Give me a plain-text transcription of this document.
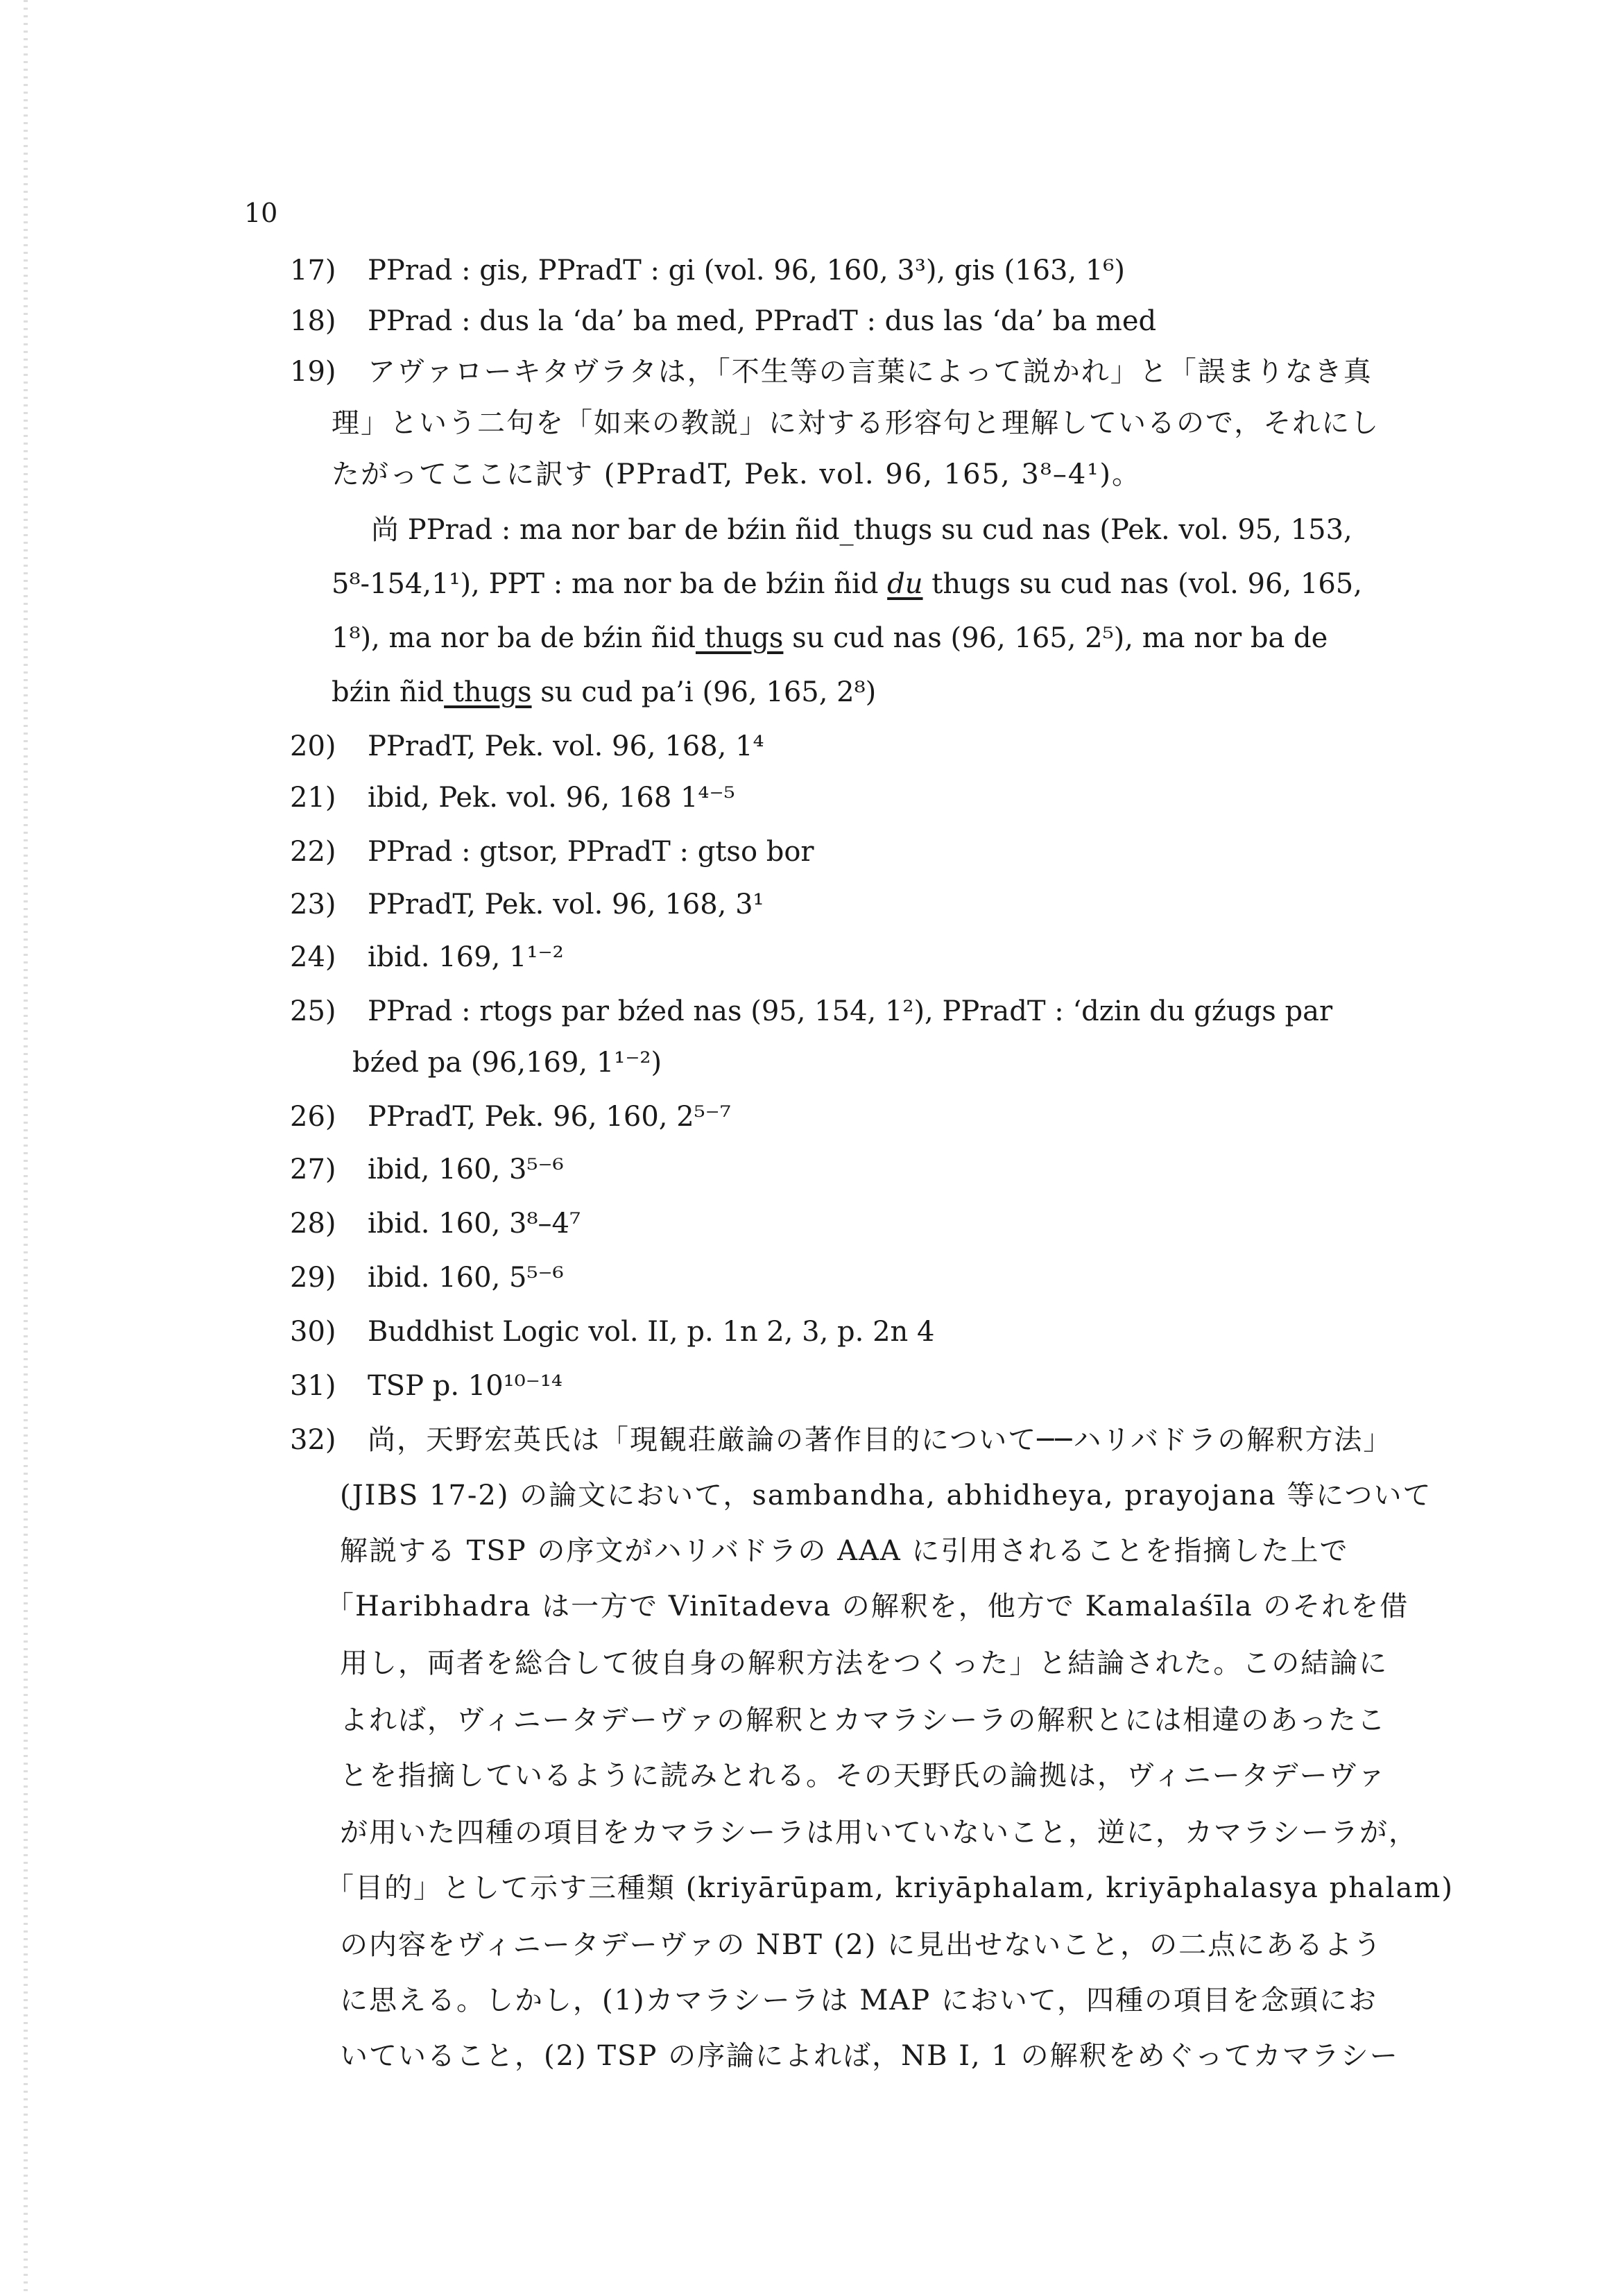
10
17) PPrad : gis, PPradT : gi (vol. 96, 160, 3³), gis (163, 1⁶)
18) PPrad : dus la ‘da’ ba med, PPradT : dus las ‘da’ ba med
19) アヴァローキタヴラタは，「不生等の言葉によって説かれ」と「誤まりなき真
理」という二句を「如来の教説」に対する形容句と理解しているので，それにし
たがってここに訳す (PPradT, Pek. vol. 96, 165, 3⁸–4¹)。
尚 PPrad : ma nor bar de bźin ñid_thugs su cud nas (Pek. vol. 95, 153,
5⁸-154,1¹), PPT : ma nor ba de bźin ñid du thugs su cud nas (vol. 96, 165,
1⁸), ma nor ba de bźin ñid thugs su cud nas (96, 165, 2⁵), ma nor ba de
bźin ñid thugs su cud pa’i (96, 165, 2⁸)
20) PPradT, Pek. vol. 96, 168, 1⁴
21) ibid, Pek. vol. 96, 168 1⁴⁻⁵
22) PPrad : gtsor, PPradT : gtso bor
23) PPradT, Pek. vol. 96, 168, 3¹
24) ibid. 169, 1¹⁻²
25) PPrad : rtogs par bźed nas (95, 154, 1²), PPradT : ‘dzin du gźugs par
bźed pa (96,169, 1¹⁻²)
26) PPradT, Pek. 96, 160, 2⁵⁻⁷
27) ibid, 160, 3⁵⁻⁶
28) ibid. 160, 3⁸–4⁷
29) ibid. 160, 5⁵⁻⁶
30) Buddhist Logic vol. II, p. 1n 2, 3, p. 2n 4
31) TSP p. 10¹⁰⁻¹⁴
32) 尚，天野宏英氏は「現観荘厳論の著作目的について──ハリバドラの解釈方法」
(JIBS 17-2) の論文において，sambandha, abhidheya, prayojana 等について
解説する TSP の序文がハリバドラの AAA に引用されることを指摘した上で
「Haribhadra は一方で Vinītadeva の解釈を，他方で Kamalaśīla のそれを借
用し，両者を総合して彼自身の解釈方法をつくった」と結論された。この結論に
よれば，ヴィニータデーヴァの解釈とカマラシーラの解釈とには相違のあったこ
とを指摘しているように読みとれる。その天野氏の論拠は，ヴィニータデーヴァ
が用いた四種の項目をカマラシーラは用いていないこと，逆に，カマラシーラが，
「目的」として示す三種類 (kriyārūpam, kriyāphalam, kriyāphalasya phalam)
の内容をヴィニータデーヴァの NBT (2) に見出せないこと，の二点にあるよう
に思える。しかし，(1)カマラシーラは MAP において，四種の項目を念頭にお
いていること，(2) TSP の序論によれば，NB I, 1 の解釈をめぐってカマラシー
